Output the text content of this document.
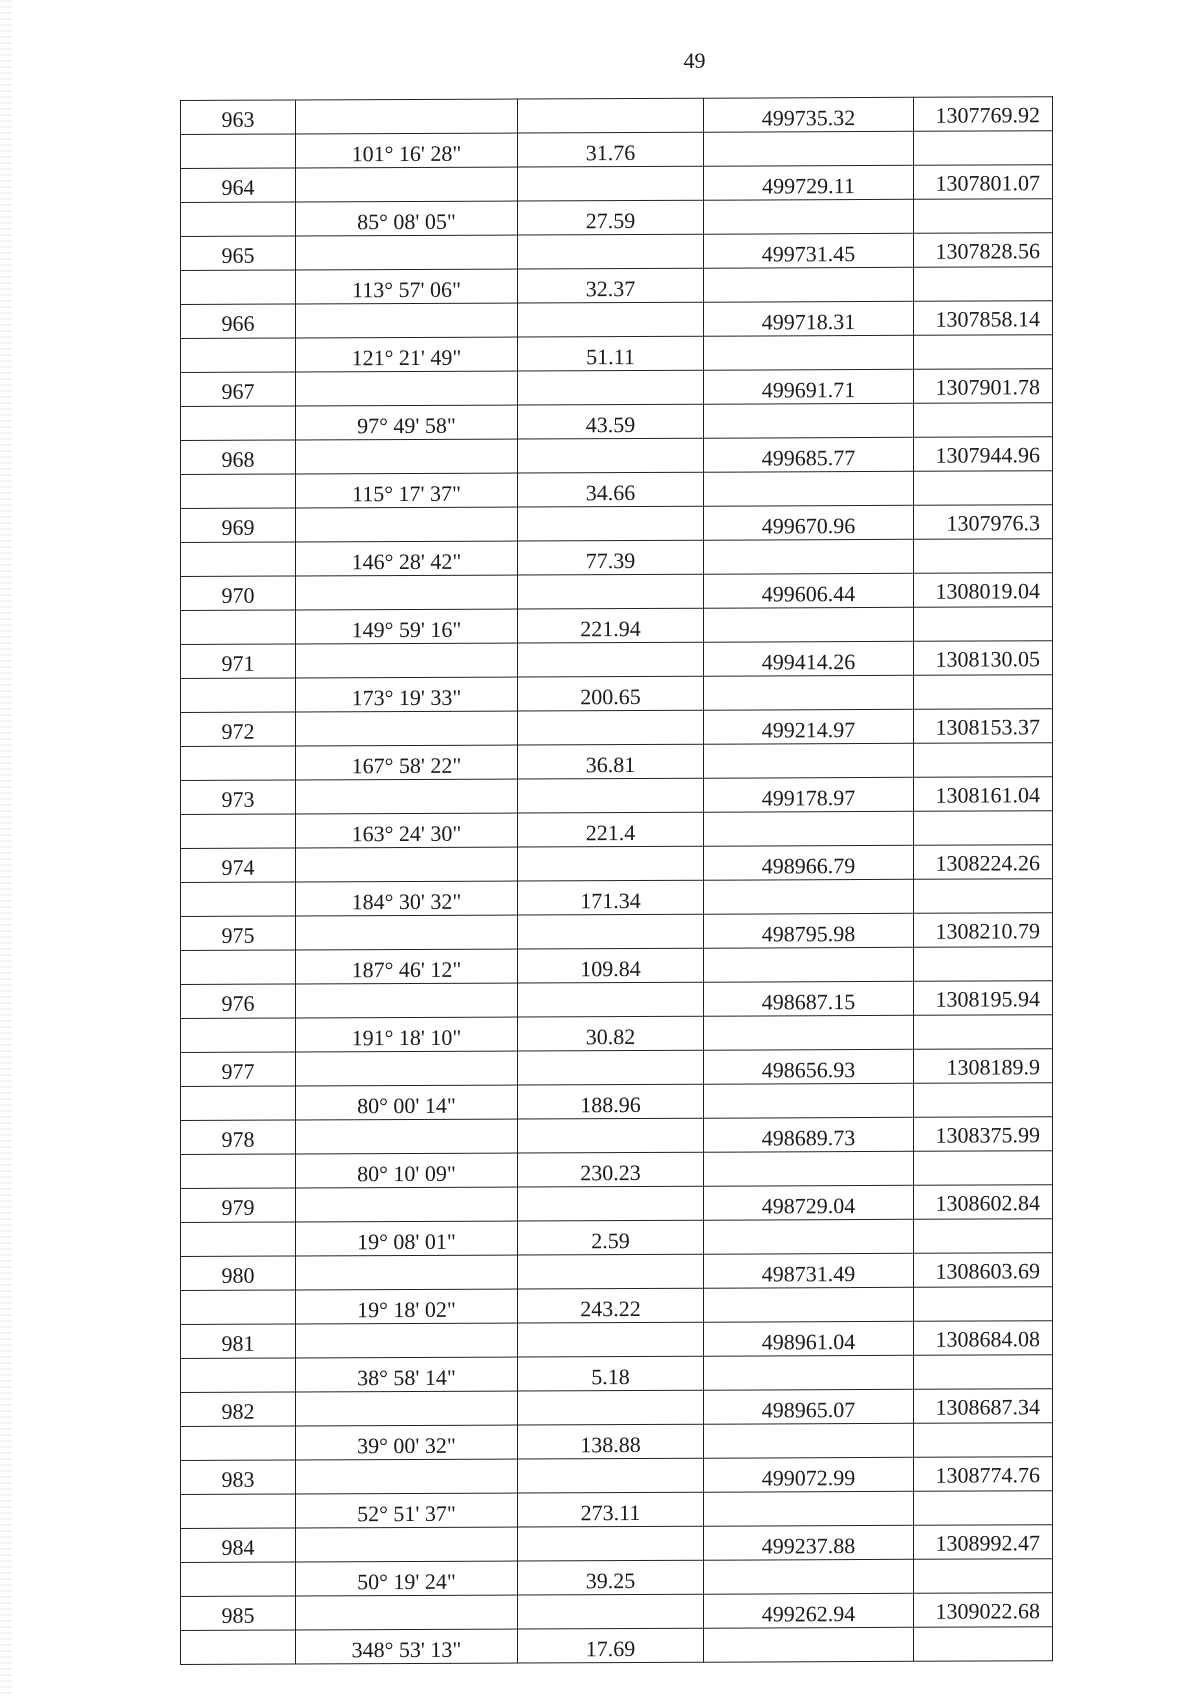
49
963			499735.32	1307769.92
	101° 16' 28"	31.76		
964			499729.11	1307801.07
	85° 08' 05"	27.59		
965			499731.45	1307828.56
	113° 57' 06"	32.37		
966			499718.31	1307858.14
	121° 21' 49"	51.11		
967			499691.71	1307901.78
	97° 49' 58"	43.59		
968			499685.77	1307944.96
	115° 17' 37"	34.66		
969			499670.96	1307976.3
	146° 28' 42"	77.39		
970			499606.44	1308019.04
	149° 59' 16"	221.94		
971			499414.26	1308130.05
	173° 19' 33"	200.65		
972			499214.97	1308153.37
	167° 58' 22"	36.81		
973			499178.97	1308161.04
	163° 24' 30"	221.4		
974			498966.79	1308224.26
	184° 30' 32"	171.34		
975			498795.98	1308210.79
	187° 46' 12"	109.84		
976			498687.15	1308195.94
	191° 18' 10"	30.82		
977			498656.93	1308189.9
	80° 00' 14"	188.96		
978			498689.73	1308375.99
	80° 10' 09"	230.23		
979			498729.04	1308602.84
	19° 08' 01"	2.59		
980			498731.49	1308603.69
	19° 18' 02"	243.22		
981			498961.04	1308684.08
	38° 58' 14"	5.18		
982			498965.07	1308687.34
	39° 00' 32"	138.88		
983			499072.99	1308774.76
	52° 51' 37"	273.11		
984			499237.88	1308992.47
	50° 19' 24"	39.25		
985			499262.94	1309022.68
	348° 53' 13"	17.69		
